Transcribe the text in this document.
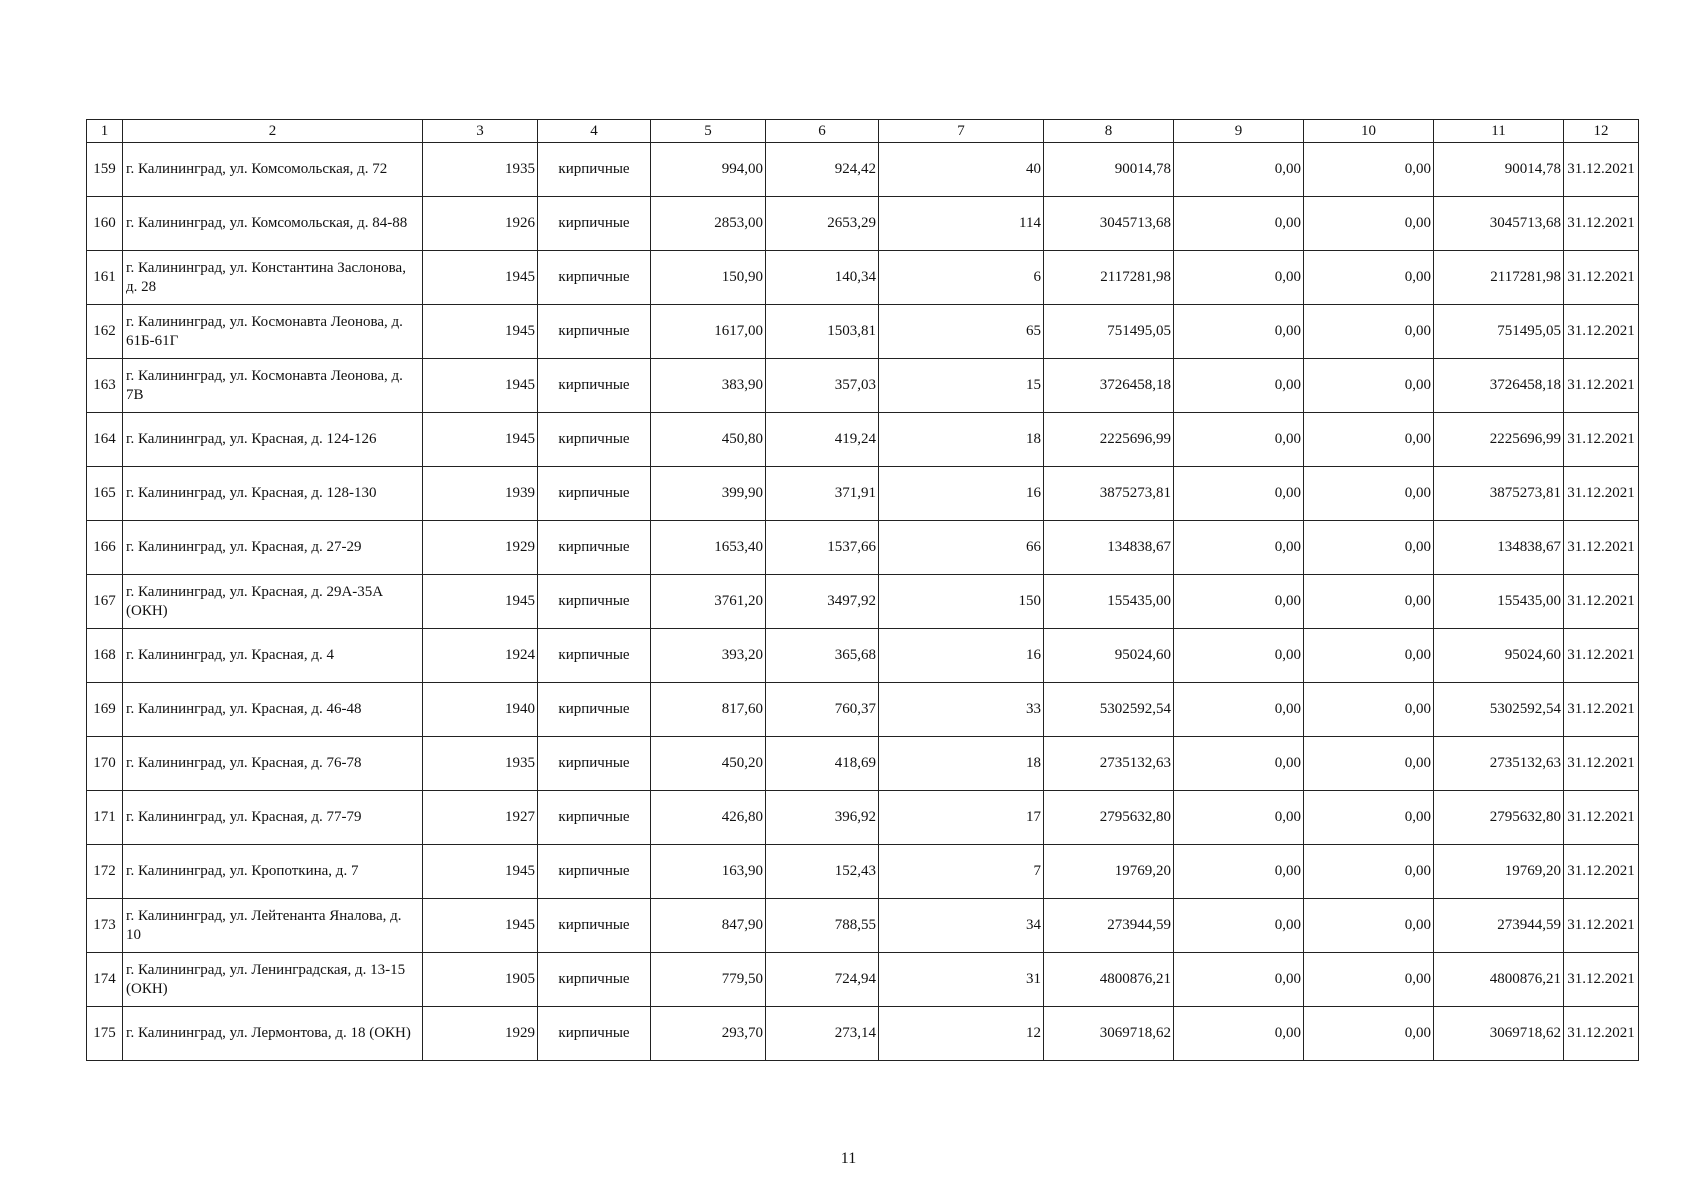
1	2	3	4	5	6	7	8	9	10	11	12
159	г. Калининград, ул. Комсомольская, д. 72	1935	кирпичные	994,00	924,42	40	90014,78	0,00	0,00	90014,78	31.12.2021
160	г. Калининград, ул. Комсомольская, д. 84-88	1926	кирпичные	2853,00	2653,29	114	3045713,68	0,00	0,00	3045713,68	31.12.2021
161	г. Калининград, ул. Константина Заслонова, д. 28	1945	кирпичные	150,90	140,34	6	2117281,98	0,00	0,00	2117281,98	31.12.2021
162	г. Калининград, ул. Космонавта Леонова, д. 61Б-61Г	1945	кирпичные	1617,00	1503,81	65	751495,05	0,00	0,00	751495,05	31.12.2021
163	г. Калининград, ул. Космонавта Леонова, д. 7В	1945	кирпичные	383,90	357,03	15	3726458,18	0,00	0,00	3726458,18	31.12.2021
164	г. Калининград, ул. Красная, д. 124-126	1945	кирпичные	450,80	419,24	18	2225696,99	0,00	0,00	2225696,99	31.12.2021
165	г. Калининград, ул. Красная, д. 128-130	1939	кирпичные	399,90	371,91	16	3875273,81	0,00	0,00	3875273,81	31.12.2021
166	г. Калининград, ул. Красная, д. 27-29	1929	кирпичные	1653,40	1537,66	66	134838,67	0,00	0,00	134838,67	31.12.2021
167	г. Калининград, ул. Красная, д. 29А-35А (ОКН)	1945	кирпичные	3761,20	3497,92	150	155435,00	0,00	0,00	155435,00	31.12.2021
168	г. Калининград, ул. Красная, д. 4	1924	кирпичные	393,20	365,68	16	95024,60	0,00	0,00	95024,60	31.12.2021
169	г. Калининград, ул. Красная, д. 46-48	1940	кирпичные	817,60	760,37	33	5302592,54	0,00	0,00	5302592,54	31.12.2021
170	г. Калининград, ул. Красная, д. 76-78	1935	кирпичные	450,20	418,69	18	2735132,63	0,00	0,00	2735132,63	31.12.2021
171	г. Калининград, ул. Красная, д. 77-79	1927	кирпичные	426,80	396,92	17	2795632,80	0,00	0,00	2795632,80	31.12.2021
172	г. Калининград, ул. Кропоткина, д. 7	1945	кирпичные	163,90	152,43	7	19769,20	0,00	0,00	19769,20	31.12.2021
173	г. Калининград, ул. Лейтенанта Яналова, д. 10	1945	кирпичные	847,90	788,55	34	273944,59	0,00	0,00	273944,59	31.12.2021
174	г. Калининград, ул. Ленинградская, д. 13-15 (ОКН)	1905	кирпичные	779,50	724,94	31	4800876,21	0,00	0,00	4800876,21	31.12.2021
175	г. Калининград, ул. Лермонтова, д. 18 (ОКН)	1929	кирпичные	293,70	273,14	12	3069718,62	0,00	0,00	3069718,62	31.12.2021
11
